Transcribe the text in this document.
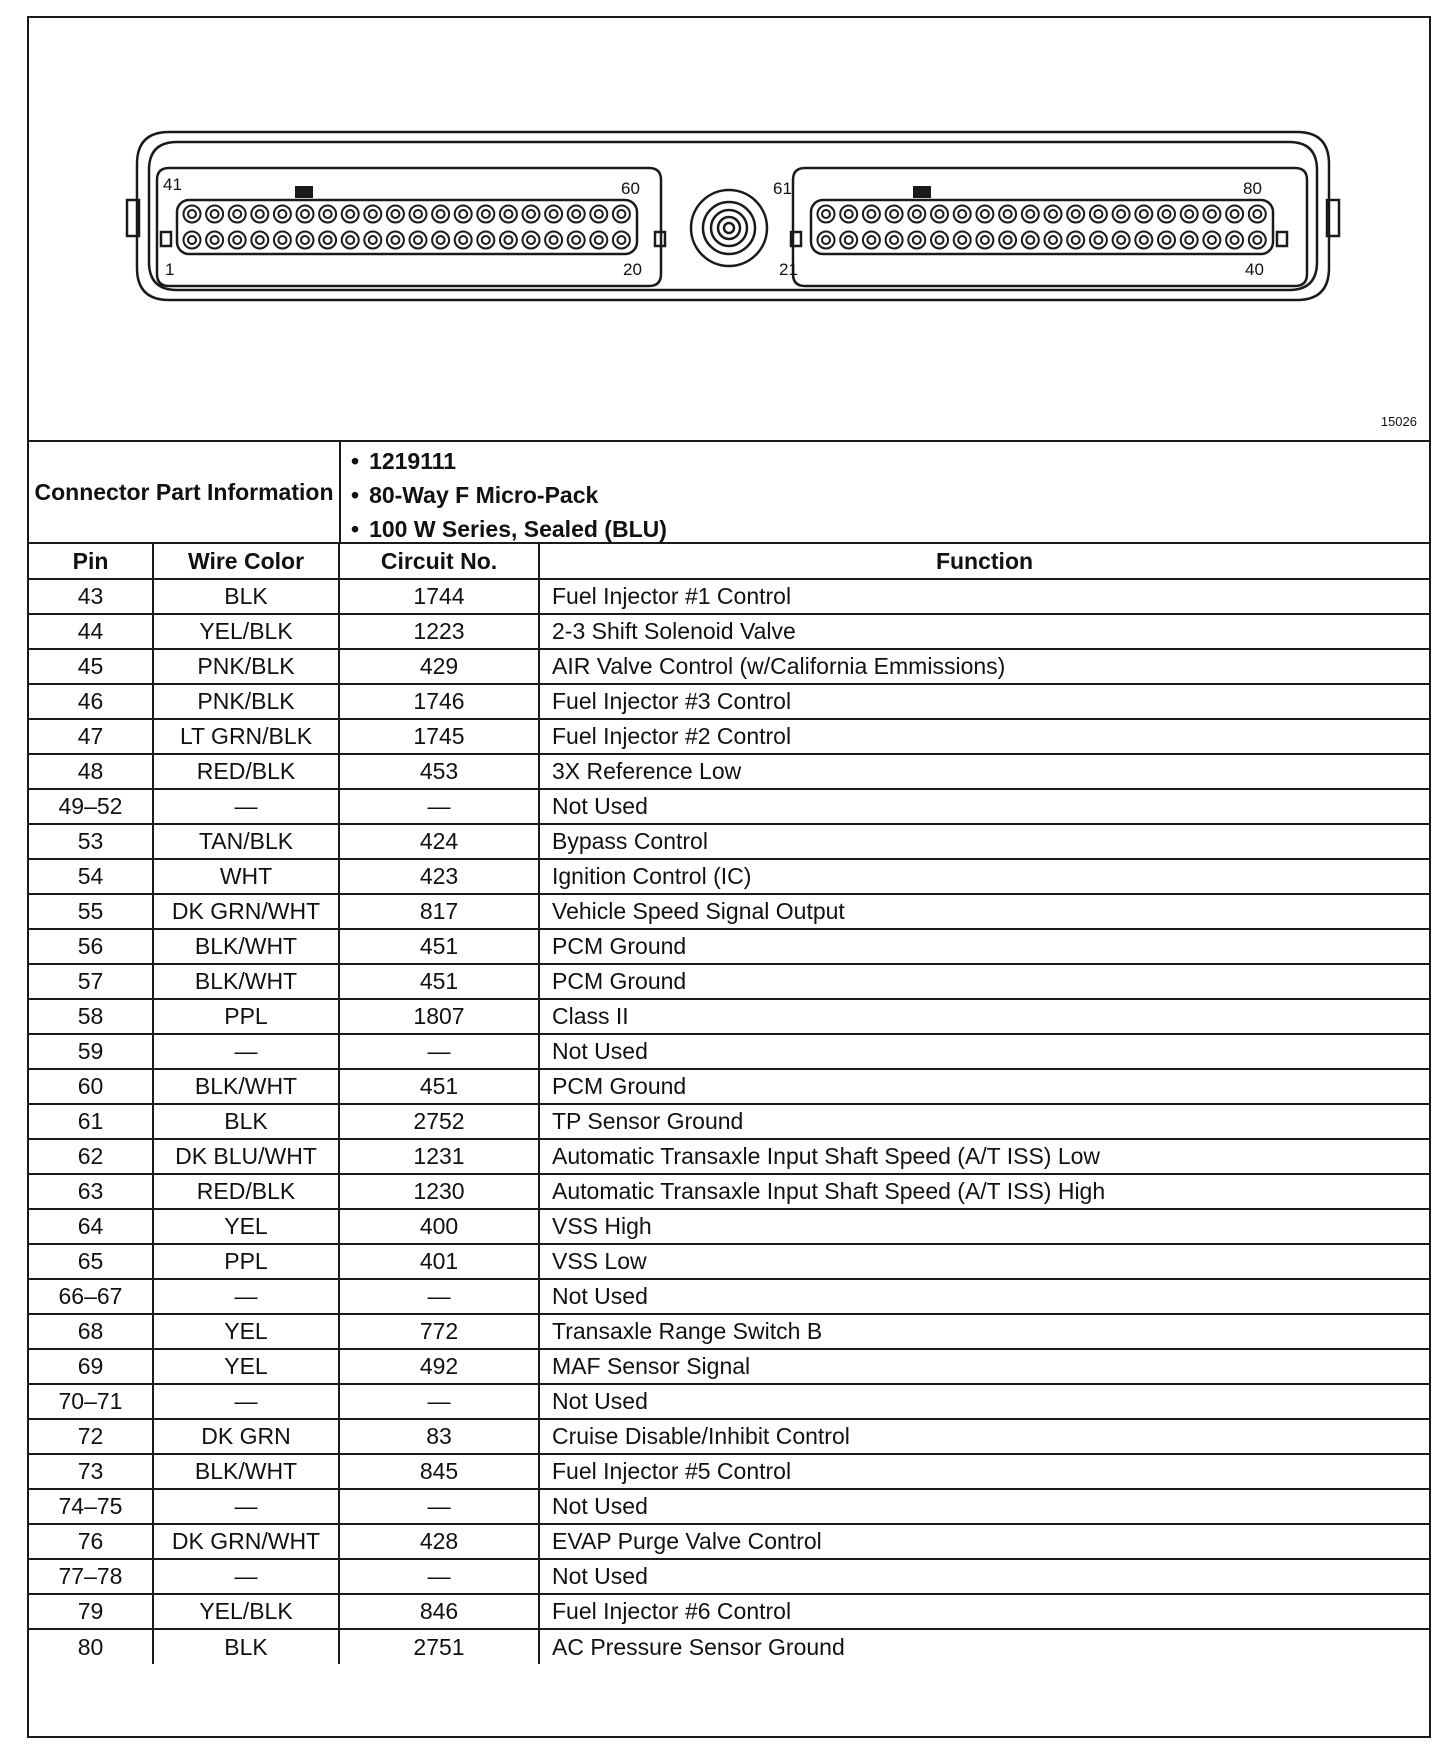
41	60
1	20
61	80
21	40
15026
Connector Part Information
• 1219111
• 80-Way F Micro-Pack
• 100 W Series, Sealed (BLU)
Pin	Wire Color	Circuit No.	Function
43	BLK	1744	Fuel Injector #1 Control
44	YEL/BLK	1223	2-3 Shift Solenoid Valve
45	PNK/BLK	429	AIR Valve Control (w/California Emmissions)
46	PNK/BLK	1746	Fuel Injector #3 Control
47	LT GRN/BLK	1745	Fuel Injector #2 Control
48	RED/BLK	453	3X Reference Low
49–52	—	—	Not Used
53	TAN/BLK	424	Bypass Control
54	WHT	423	Ignition Control (IC)
55	DK GRN/WHT	817	Vehicle Speed Signal Output
56	BLK/WHT	451	PCM Ground
57	BLK/WHT	451	PCM Ground
58	PPL	1807	Class II
59	—	—	Not Used
60	BLK/WHT	451	PCM Ground
61	BLK	2752	TP Sensor Ground
62	DK BLU/WHT	1231	Automatic Transaxle Input Shaft Speed (A/T ISS) Low
63	RED/BLK	1230	Automatic Transaxle Input Shaft Speed (A/T ISS) High
64	YEL	400	VSS High
65	PPL	401	VSS Low
66–67	—	—	Not Used
68	YEL	772	Transaxle Range Switch B
69	YEL	492	MAF Sensor Signal
70–71	—	—	Not Used
72	DK GRN	83	Cruise Disable/Inhibit Control
73	BLK/WHT	845	Fuel Injector #5 Control
74–75	—	—	Not Used
76	DK GRN/WHT	428	EVAP Purge Valve Control
77–78	—	—	Not Used
79	YEL/BLK	846	Fuel Injector #6 Control
80	BLK	2751	AC Pressure Sensor Ground
